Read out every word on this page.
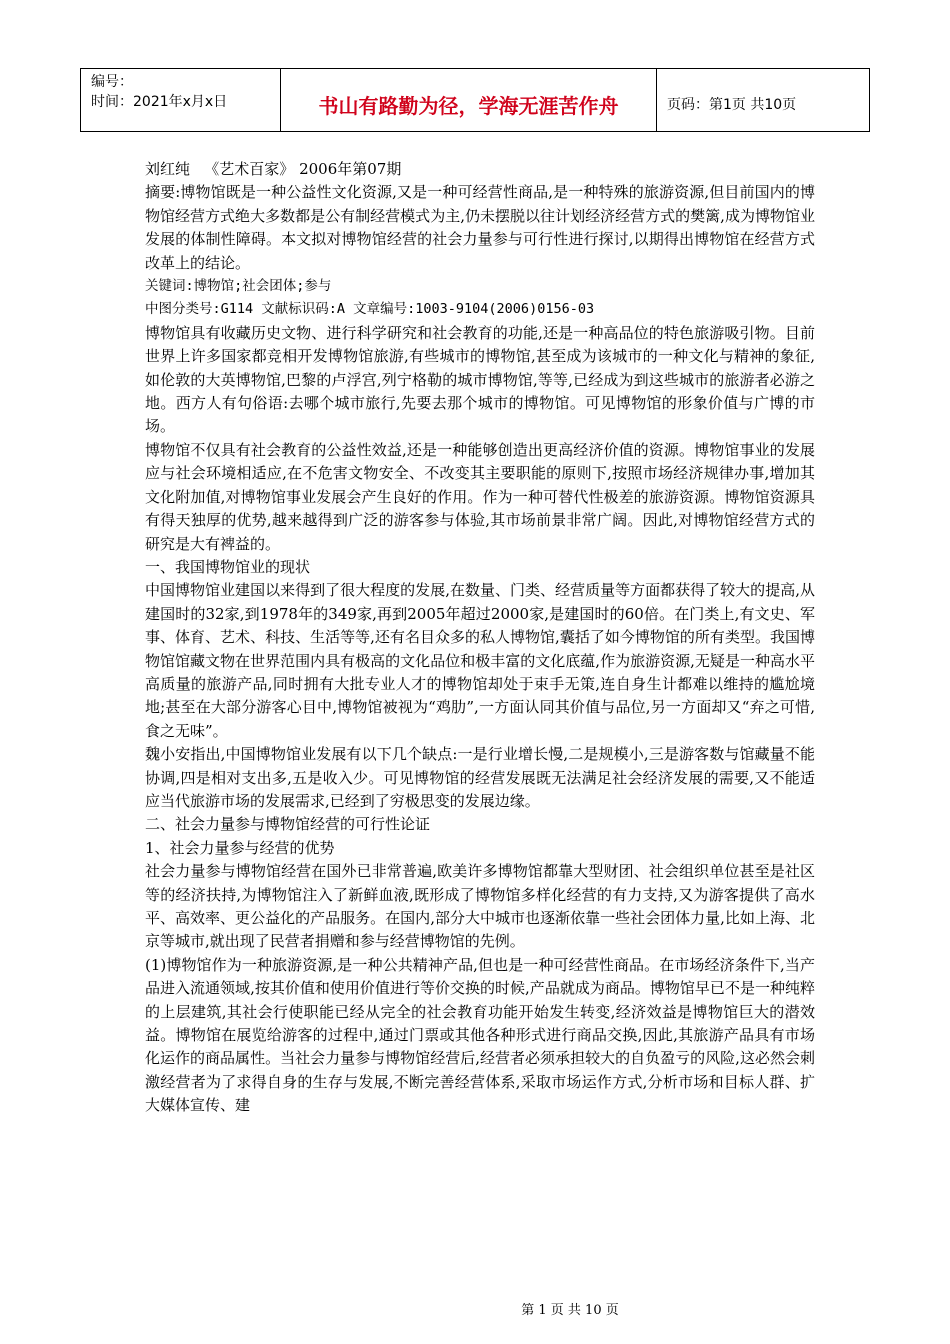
编号：
时间：2021年x月x日	书山有路勤为径，学海无涯苦作舟	页码：第1页 共10页

刘红纯   《艺术百家》 2006年第07期

摘要:博物馆既是一种公益性文化资源,又是一种可经营性商品,是一种特殊的旅游资源,但目前国内的博物馆经营方式绝大多数都是公有制经营模式为主,仍未摆脱以往计划经济经营方式的樊篱,成为博物馆业发展的体制性障碍。本文拟对博物馆经营的社会力量参与可行性进行探讨,以期得出博物馆在经营方式改革上的结论。

关键词:博物馆;社会团体;参与

中图分类号:G114 文献标识码:A 文章编号:1003-9104(2006)0156-03

博物馆具有收藏历史文物、进行科学研究和社会教育的功能,还是一种高品位的特色旅游吸引物。目前世界上许多国家都竞相开发博物馆旅游,有些城市的博物馆,甚至成为该城市的一种文化与精神的象征,如伦敦的大英博物馆,巴黎的卢浮宫,列宁格勒的城市博物馆,等等,已经成为到这些城市的旅游者必游之地。西方人有句俗语:去哪个城市旅行,先要去那个城市的博物馆。可见博物馆的形象价值与广博的市场。

博物馆不仅具有社会教育的公益性效益,还是一种能够创造出更高经济价值的资源。博物馆事业的发展应与社会环境相适应,在不危害文物安全、不改变其主要职能的原则下,按照市场经济规律办事,增加其文化附加值,对博物馆事业发展会产生良好的作用。作为一种可替代性极差的旅游资源。博物馆资源具有得天独厚的优势,越来越得到广泛的游客参与体验,其市场前景非常广阔。因此,对博物馆经营方式的研究是大有裨益的。

一、我国博物馆业的现状

中国博物馆业建国以来得到了很大程度的发展,在数量、门类、经营质量等方面都获得了较大的提高,从建国时的32家,到1978年的349家,再到2005年超过2000家,是建国时的60倍。在门类上,有文史、军事、体育、艺术、科技、生活等等,还有名目众多的私人博物馆,囊括了如今博物馆的所有类型。我国博物馆馆藏文物在世界范围内具有极高的文化品位和极丰富的文化底蕴,作为旅游资源,无疑是一种高水平高质量的旅游产品,同时拥有大批专业人才的博物馆却处于束手无策,连自身生计都难以维持的尴尬境地;甚至在大部分游客心目中,博物馆被视为“鸡肋”,一方面认同其价值与品位,另一方面却又“弃之可惜,食之无味”。

魏小安指出,中国博物馆业发展有以下几个缺点:一是行业增长慢,二是规模小,三是游客数与馆藏量不能协调,四是相对支出多,五是收入少。可见博物馆的经营发展既无法满足社会经济发展的需要,又不能适应当代旅游市场的发展需求,已经到了穷极思变的发展边缘。

二、社会力量参与博物馆经营的可行性论证

1、社会力量参与经营的优势

社会力量参与博物馆经营在国外已非常普遍,欧美许多博物馆都靠大型财团、社会组织单位甚至是社区等的经济扶持,为博物馆注入了新鲜血液,既形成了博物馆多样化经营的有力支持,又为游客提供了高水平、高效率、更公益化的产品服务。在国内,部分大中城市也逐渐依靠一些社会团体力量,比如上海、北京等城市,就出现了民营者捐赠和参与经营博物馆的先例。

(1)博物馆作为一种旅游资源,是一种公共精神产品,但也是一种可经营性商品。在市场经济条件下,当产品进入流通领域,按其价值和使用价值进行等价交换的时候,产品就成为商品。博物馆早已不是一种纯粹的上层建筑,其社会行使职能已经从完全的社会教育功能开始发生转变,经济效益是博物馆巨大的潜效益。博物馆在展览给游客的过程中,通过门票或其他各种形式进行商品交换,因此,其旅游产品具有市场化运作的商品属性。当社会力量参与博物馆经营后,经营者必须承担较大的自负盈亏的风险,这必然会刺激经营者为了求得自身的生存与发展,不断完善经营体系,采取市场运作方式,分析市场和目标人群、扩大媒体宣传、建

第 1 页 共 10 页
